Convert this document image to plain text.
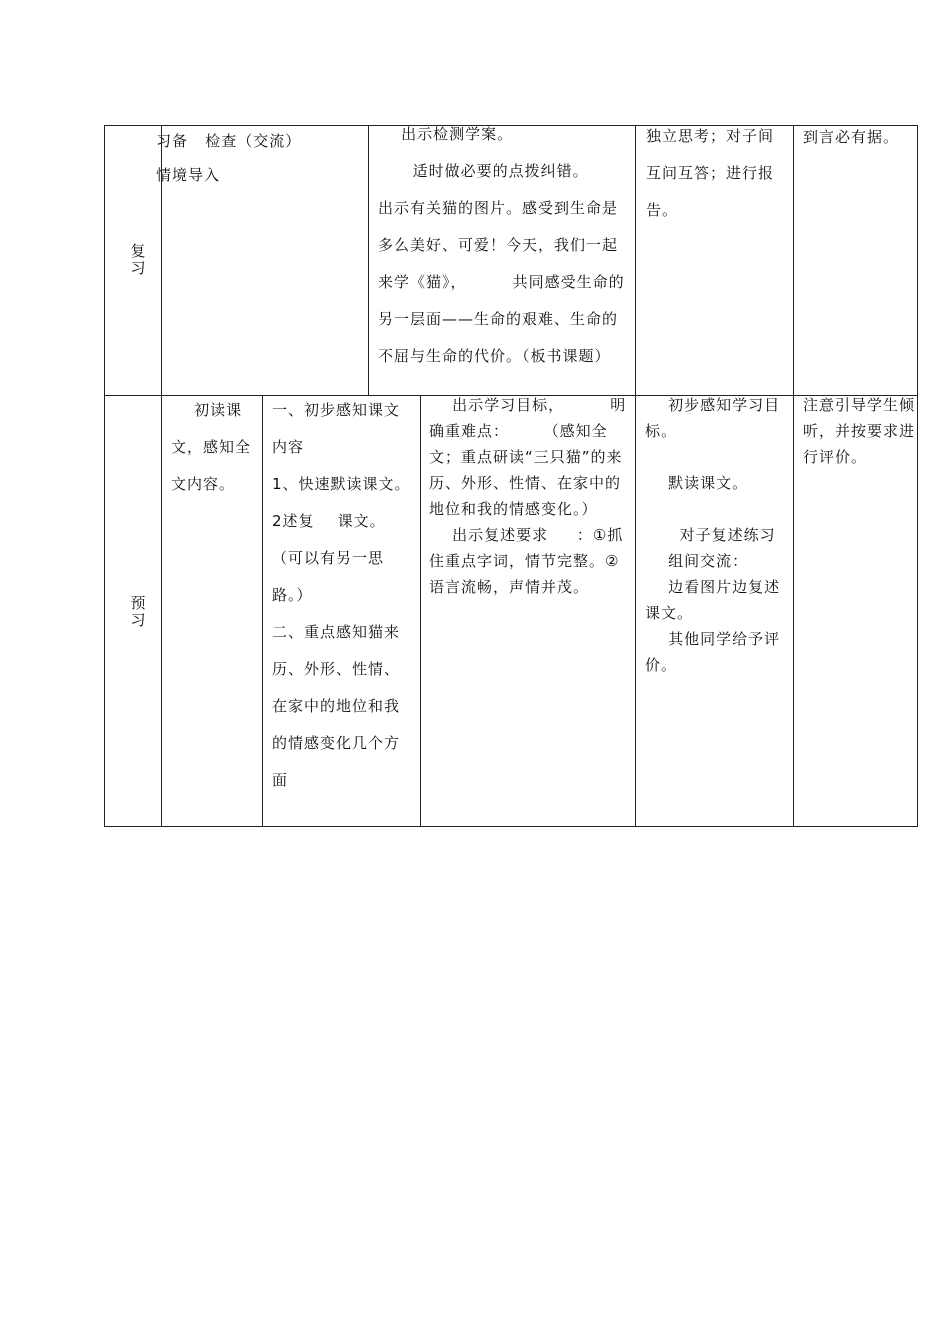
复
习
习备   检查（交流）
情境导入
出示检测学案。
适时做必要的点拨纠错。
出示有关猫的图片。感受到生命是多么美好、可爱！今天，我们一起来学《猫》，        共同感受生命的另一层面——生命的艰难、生命的不屈与生命的代价。（板书课题）
独立思考；对子间互问互答；进行报告。
到言必有据。
预
习
初读课文，感知全文内容。
一、初步感知课文内容
1、快速默读课文。
2述复    课文。
（可以有另一思路。）
二、重点感知猫来历、外形、性情、在家中的地位和我的情感变化几个方面
出示学习目标，        明确重难点：      （感知全文；重点研读“三只猫”的来历、外形、性情、在家中的地位和我的情感变化。）
出示复述要求     ：①抓住重点字词，情节完整。②语言流畅，声情并茂。
初步感知学习目标。

默读课文。

对子复述练习
组间交流：
边看图片边复述课文。
其他同学给予评价。
注意引导学生倾听，并按要求进行评价。
